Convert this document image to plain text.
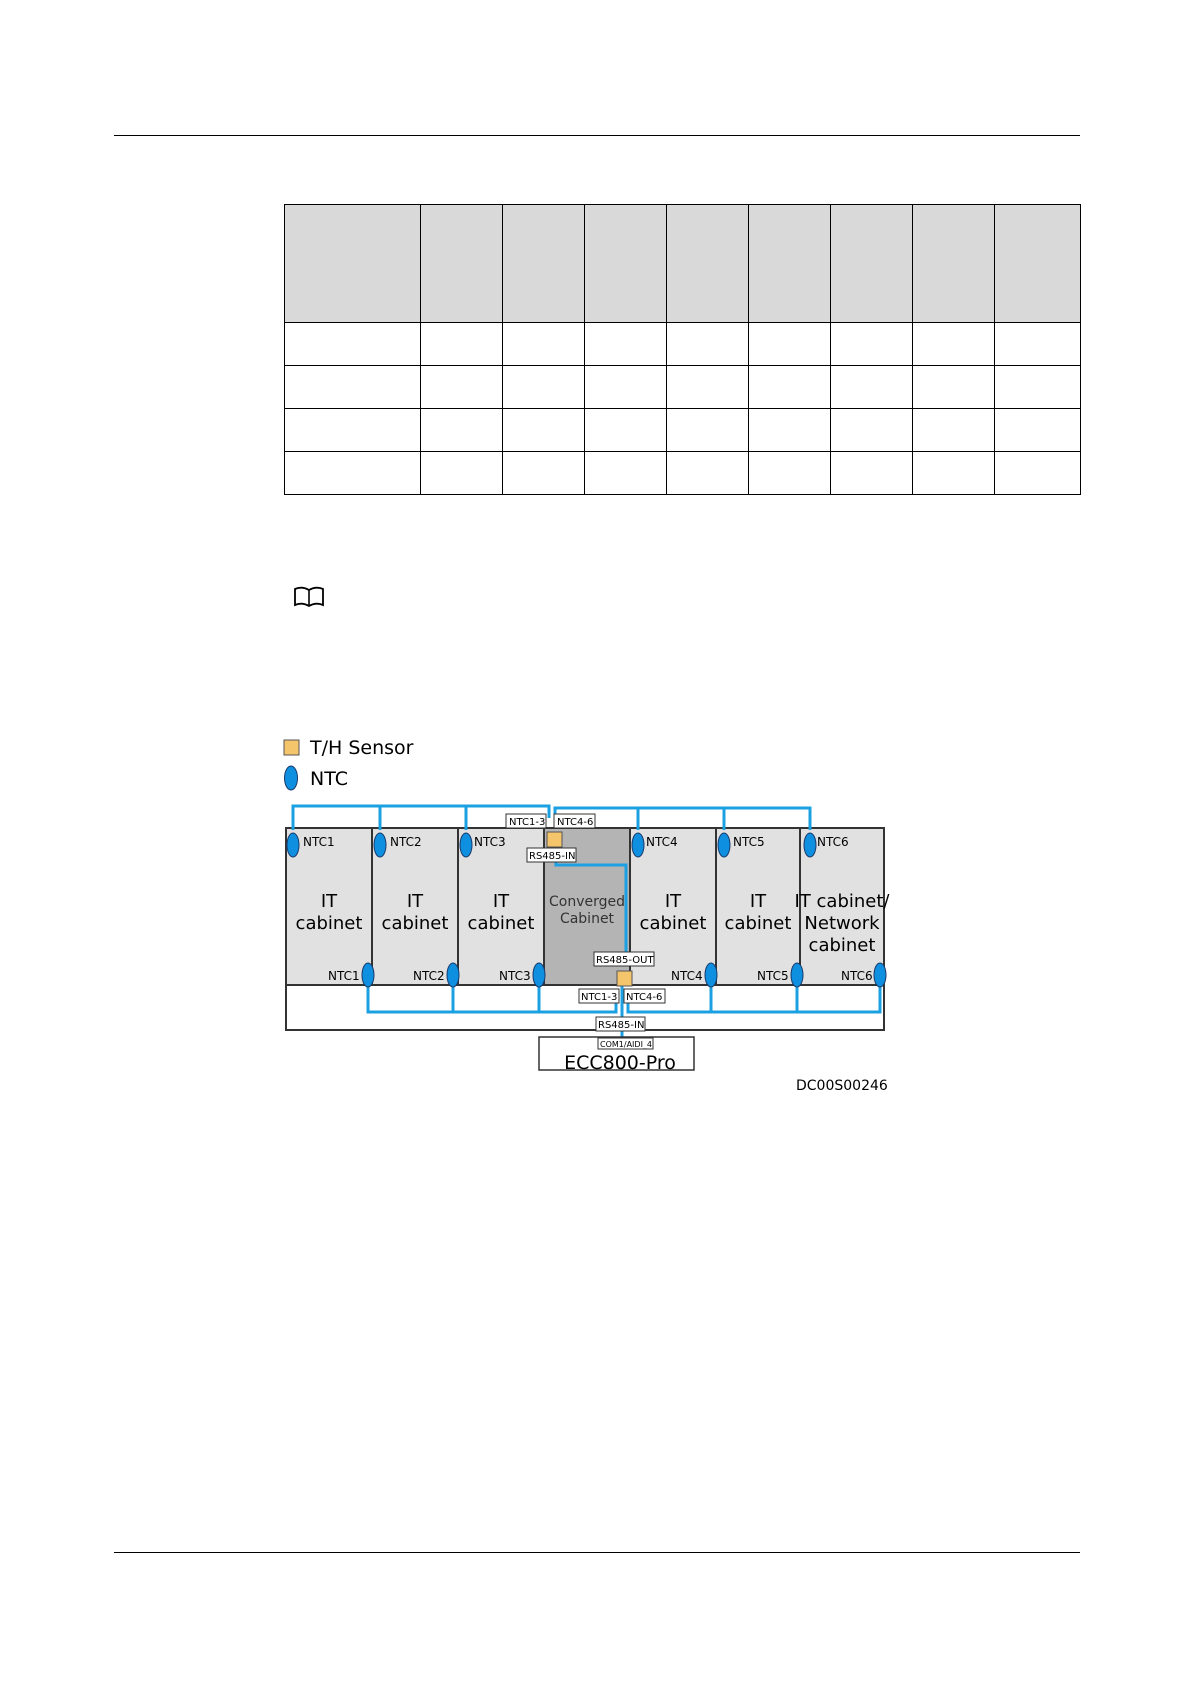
T/H Sensor
NTC
NTC1	NTC2	NTC3	NTC4	NTC5	NTC6
NTC1	NTC2	NTC3	NTC4	NTC5	NTC6
IT
cabinet
IT
cabinet
IT
cabinet
IT
cabinet
IT
cabinet
IT cabinet/
Network
cabinet
Converged
Cabinet
NTC1-3 NTC4-6
RS485-IN
RS485-OUT
NTC1-3 NTC4-6
RS485-IN
COM1/AIDI_4
ECC800-Pro
DC00S00246
